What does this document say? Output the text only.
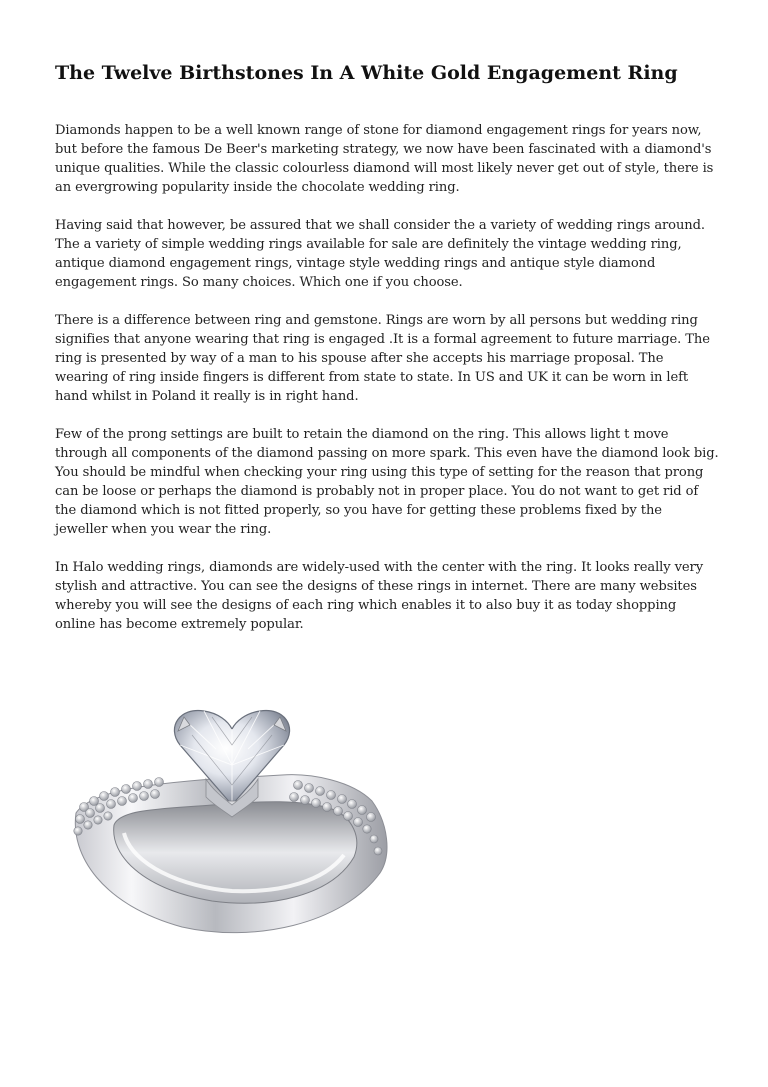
The Twelve Birthstones In A White Gold Engagement Ring

Diamonds happen to be a well known range of stone for diamond engagement rings for years now,
but before the famous De Beer's marketing strategy, we now have been fascinated with a diamond's
unique qualities. While the classic colourless diamond will most likely never get out of style, there is
an evergrowing popularity inside the chocolate wedding ring.

Having said that however, be assured that we shall consider the a variety of wedding rings around.
The a variety of simple wedding rings available for sale are definitely the vintage wedding ring,
antique diamond engagement rings, vintage style wedding rings and antique style diamond
engagement rings. So many choices. Which one if you choose.

There is a difference between ring and gemstone. Rings are worn by all persons but wedding ring
signifies that anyone wearing that ring is engaged .It is a formal agreement to future marriage. The
ring is presented by way of a man to his spouse after she accepts his marriage proposal. The
wearing of ring inside fingers is different from state to state. In US and UK it can be worn in left
hand whilst in Poland it really is in right hand.

Few of the prong settings are built to retain the diamond on the ring. This allows light t move
through all components of the diamond passing on more spark. This even have the diamond look big.
You should be mindful when checking your ring using this type of setting for the reason that prong
can be loose or perhaps the diamond is probably not in proper place. You do not want to get rid of
the diamond which is not fitted properly, so you have for getting these problems fixed by the
jeweller when you wear the ring.

In Halo wedding rings, diamonds are widely-used with the center with the ring. It looks really very
stylish and attractive. You can see the designs of these rings in internet. There are many websites
whereby you will see the designs of each ring which enables it to also buy it as today shopping
online has become extremely popular.
